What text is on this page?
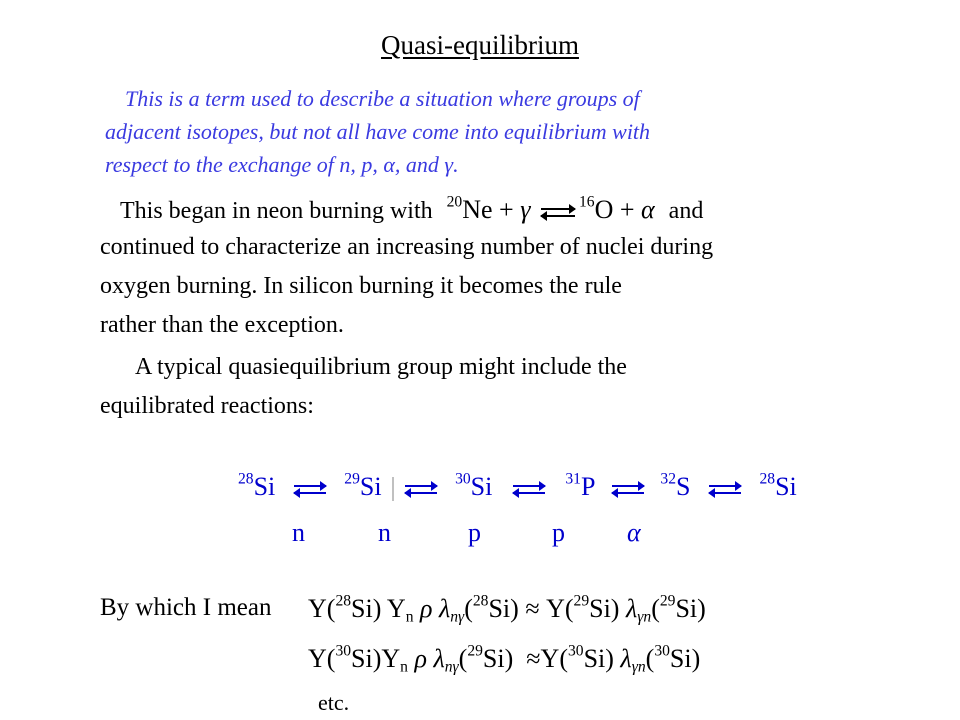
Quasi-equilibrium
This is a term used to describe a situation where groups of
adjacent isotopes, but not all have come into equilibrium with
respect to the exchange of n, p, α, and γ.
This began in neon burning with $^{20}$Ne + γ ⇌$^{16}$O + α and
continued to characterize an increasing number of nuclei during
oxygen burning. In silicon burning it becomes the rule
rather than the exception.
A typical quasiequilibrium group might include the
equilibrated reactions:
$^{28}$Si ⇌ $^{29}$Si ⇌ $^{30}$Si ⇌ $^{31}$P ⇌ $^{32}$S ⇌ $^{28}$Si
n	n	p	p α
By which I mean Y($^{28}$Si) $Y_n$ ρ $\lambda_{n\gamma}(^{28}Si) \approx Y(^{29}Si)$ $\lambda_{\gamma n}(^{29}Si)$
$Y(^{30}Si)Y_n$ ρ $\lambda_{n\gamma}(^{29}Si) \approx Y(^{30}Si)$ $\lambda_{\gamma n}(^{30}Si)$
etc.
